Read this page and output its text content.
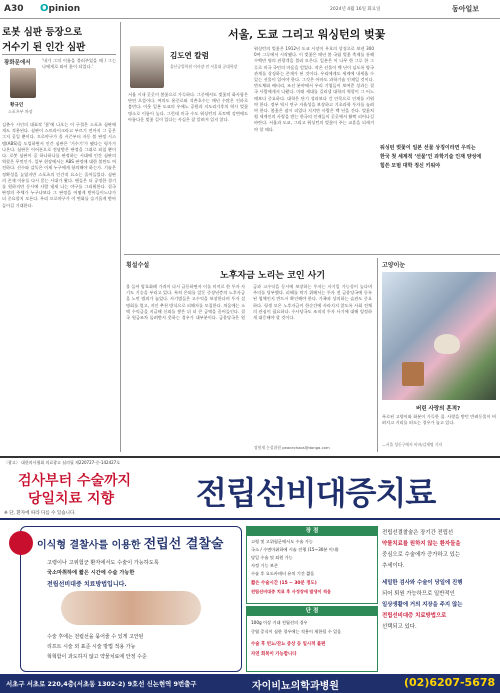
A30 Opinion	2024년 4월 16일 화요일	동아일보
로봇 심판 등장으로
거수기 된 인간 심판
광화문에서
황규인
스포츠부 차장
'내가 그의 이름을 불러주었을 때 / 그는 나에게로 와서 꽃이 되었다.'
김춘수 시인의 대표작 '꽃'에 나오는 이 구절은 스포츠 심판에게도 적용된다. 심판이 스트라이크라고 부르기 전까지 그 공은 그저 공일 뿐이다. 프로야구가 올 시즌부터 자동 볼 판정 시스템(ABS)을 도입하면서 인간 심판은 '거수기'가 됐다는 평가가 나온다. 심판은 이어폰으로 전달받은 판정을 그대로 외칠 뿐이다. 로봇 심판이 공 하나하나를 판정하는 시대에 인간 심판의 역할은 무엇인가. 일부 현장에서는 ABS 판정에 대한 불만도 여전하다. 선수와 감독은 이제 누구에게 항의해야 하는가. 기술은 정확성을 높였지만 스포츠의 인간적 요소는 줄어들었다. 심판의 존재 이유를 다시 묻는 시대가 왔다. 팬들은 더 공정한 경기를 원하지만 동시에 사람 냄새 나는 야구를 그리워한다. 결국 판정의 주체가 누구냐보다 그 판정을 어떻게 받아들이느냐가 더 중요할지 모른다. 우리 프로야구가 이 변화를 슬기롭게 받아들이길 기대한다.
서울, 도쿄 그리고 워싱턴의 벚꽃
김도연 칼럼
울산공업학원 이사장·전 서울대 공대학장
서울 시내 곳곳이 봄꽃으로 가득하다. 그중에서도 벚꽃의 화사함은 단연 으뜸이다. 여의도 윤중로와 석촌호수는 매년 수많은 인파로 붐빈다. 이웃 일본 도쿄의 우에노 공원과 지도리가후치 역시 벚꽃 명소로 이름이 높다. 그런데 미국 수도 워싱턴의 포토맥 강변에도 아름다운 벚꽃 길이 있다는 사실은 잘 알려져 있지 않다.
워싱턴의 벚꽃은 1912년 도쿄 시장이 우호의 상징으로 보낸 3000여 그루에서 시작됐다. 이 벚꽃은 매년 봄 국립 벚꽃 축제를 통해 수백만 명의 관광객을 불러 모은다. 일본은 이 나무 한 그루 한 그루로 미국 국민의 마음을 얻었다. 작은 선물이 백 년이 넘도록 양국 관계를 상징하는 존재가 된 것이다. 우리에게도 세계에 내세울 수 있는 선물이 있어야 한다. 그것은 아마도 과학기술 인재일 것이다. 반도체와 배터리, 조선 분야에서 우리 기업들이 보여준 성과는 결국 사람에게서 나왔다. 미래 세대를 길러낼 대학의 역할이 그 어느 때보다 중요하다. 대학은 단기 성과보다 긴 안목으로 인재를 키워야 한다. 정부 역시 연구 자율성을 보장하고 기초과학 투자를 늘려야 한다. 봄꽃은 잠시 피었다 지지만 사람은 백 년을 간다. 벚꽃처럼 세계인의 사랑을 받는 한국의 인재들이 곳곳에서 활짝 피어나길 바란다. 서울과 도쿄, 그리고 워싱턴의 벚꽃이 주는 교훈을 되새겨야 할 때다.
워싱턴 벚꽃이 일본 선물 상징이라면 우리는
한국 첫 세계적 ‘선물’인 과학기술 인재 양성에
힘쓴 모범 대학 정신 키워야
횡설수설
노후자금 노리는 코인 사기
올 들어 암호화폐 가격이 다시 급등하면서 이를 미끼로 한 투자 사기도 기승을 부리고 있다. 특히 은퇴를 앞둔 중장년층의 노후자금을 노린 범죄가 늘었다. 사기범들은 고수익을 보장한다며 투자 설명회를 열고, 지인 추천 방식으로 피해자를 모집한다. 처음에는 소액 수익금을 지급해 신뢰를 쌓은 뒤 더 큰 금액을 끌어들인다. 결국 원금조차 돌려받지 못하는 경우가 대부분이다. 금융당국은 원금과 고수익을 동시에 보장하는 투자는 사기일 가능성이 높다며 주의를 당부했다. 피해를 막기 위해서는 투자 전 금융당국에 등록된 업체인지 반드시 확인해야 한다. 가족과 상의하는 습관도 중요하다. 평생 모은 노후자금이 한순간에 사라지지 않도록 사회 전체의 관심이 필요하다. 수사당국도 조직적 투자 사기에 대해 엄정하게 대응해야 할 것이다.
장원재 논설위원 peacechaos@donga.com
고양이눈
버린 사랑의 흔적?
폭로된 고양이와 화분이 가득한 집. 사랑을 받던 반려동물이 버려지고 거리를 떠도는 경우가 늘고 있다.
—서울 성동구에서 비바/김재명 기자
〈광고〉 대한의사협회 의료광고 심의필 제220727-중-142427호
검사부터 수술까지
당일치료 지향
※ 단, 환자에 따라 다를 수 있습니다.
전립선비대증치료
이식형 결찰사를 이용한 전립선 결찰술
고령이나 고위험군 환자에서도 수술이 가능하도록
국소마취하에 짧은 시간에 수술 가능한
전립선비대증 치료방법입니다.
수술 후에는 전립선을 묶어줄 수 있게 고안된
리프트 시술 외 표준 시술 방법 적용 가능
혁혁함이 과도하지 않고 약물치료에 안정 수준
장 점
고령 및 고위험군에서도 수술 가능
국소 / 수면마취하에 시술 진행 (15~30분 이내)
당일 수술 및 퇴원 가능
사정 기능 보존
수술 후 요도카테터 유치 기간 짧음
짧은 수술시간 (15 ~ 30분 정도)
전립선비대증 치료 후 사정장애 발생이 적음
단 점
100g 이상 거대 전립선의 경우
중엽 증식이 심한 경우에는 적용이 제한될 수 있음
수술 후 빈뇨/잔뇨 증상 등 일시적 불편
자연 회복이 가능합니다
전립선결찰술은 장기간 전립선
약물치료를 원하지 않는 환자들을
중심으로 수술에가 증가하고 있는
추세이다.
세밀한 검사와 수술이 당일에 진행
되어 퇴원 가능하므로 일반적인
일상생활에 거의 지장을 주지 않는
전립선비대증 치료방법으로
선택되고 있다.
서초구 서초로 220,4층(서초동 1302-2) 9호선 신논현역 9번출구	자이비뇨의학과병원	(02)6207-5678
